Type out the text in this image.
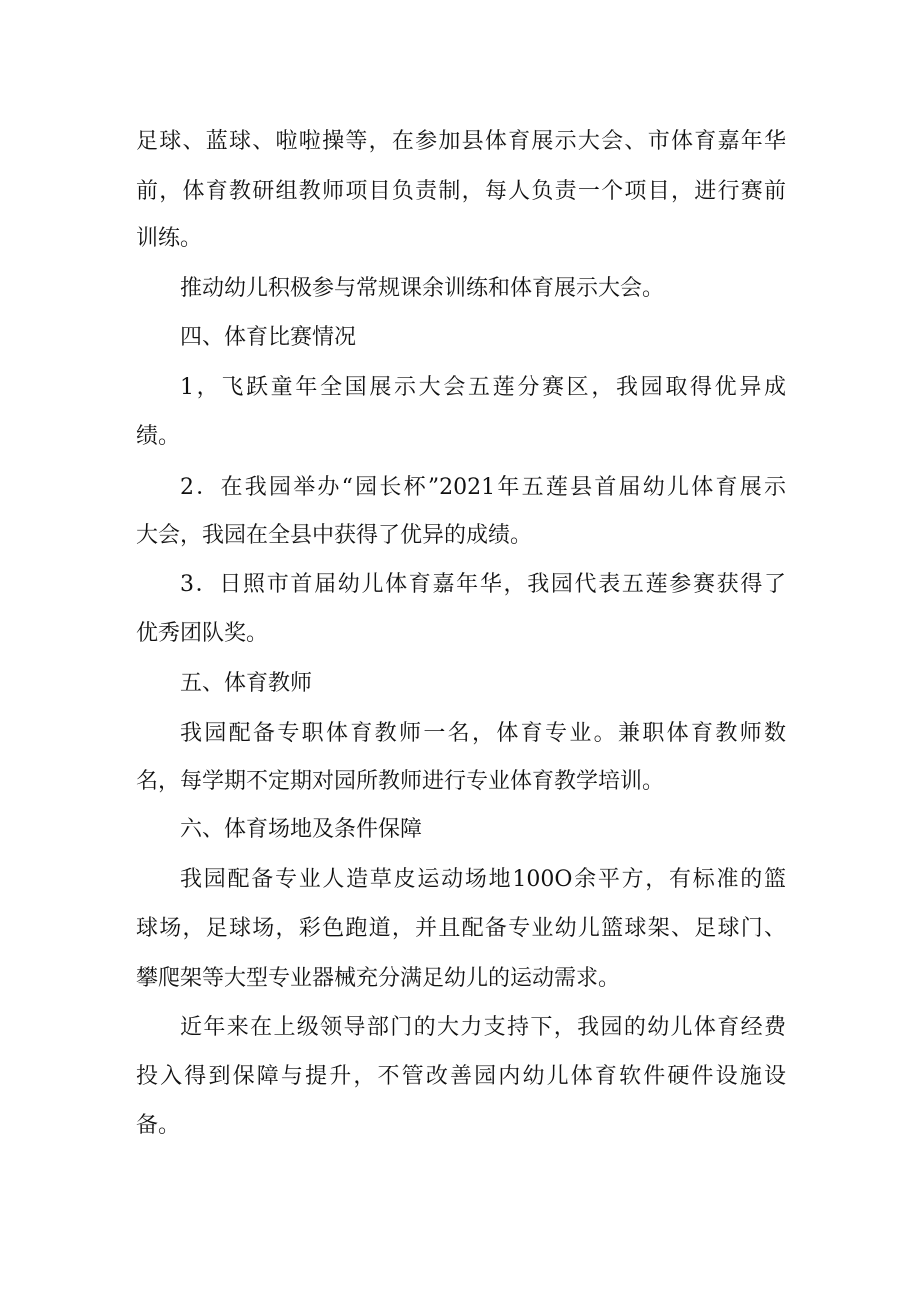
足球、蓝球、啦啦操等，在参加县体育展示大会、市体育嘉年华
前，体育教研组教师项目负责制，每人负责一个项目，进行赛前
训练。
推动幼儿积极参与常规课余训练和体育展示大会。
四、体育比赛情况
1，飞跃童年全国展示大会五莲分赛区，我园取得优异成
绩。
2．在我园举办“园长杯”2021年五莲县首届幼儿体育展示
大会，我园在全县中获得了优异的成绩。
3．日照市首届幼儿体育嘉年华，我园代表五莲参赛获得了
优秀团队奖。
五、体育教师
我园配备专职体育教师一名，体育专业。兼职体育教师数
名，每学期不定期对园所教师进行专业体育教学培训。
六、体育场地及条件保障
我园配备专业人造草皮运动场地100O余平方，有标准的篮
球场，足球场，彩色跑道，并且配备专业幼儿篮球架、足球门、
攀爬架等大型专业器械充分满足幼儿的运动需求。
近年来在上级领导部门的大力支持下，我园的幼儿体育经费
投入得到保障与提升，不管改善园内幼儿体育软件硬件设施设
备。
